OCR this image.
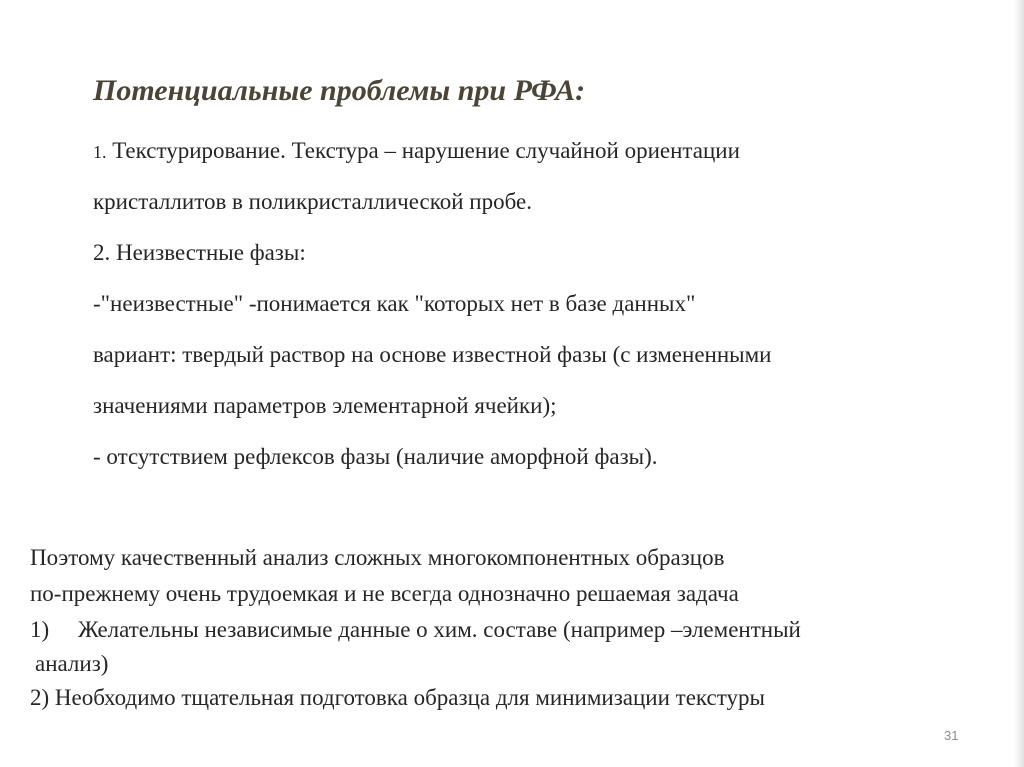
Потенциальные проблемы при РФА:

1. Текстурирование. Текстура – нарушение случайной ориентации

кристаллитов в поликристаллической пробе.

2. Неизвестные фазы:

-"неизвестные" -понимается как "которых нет в базе данных"

вариант: твердый раствор на основе известной фазы (с измененными

значениями параметров элементарной ячейки);

- отсутствием рефлексов фазы (наличие аморфной фазы).

Поэтому качественный анализ сложных многокомпонентных образцов

по-прежнему очень трудоемкая и не всегда однозначно решаемая задача

1) Желательны независимые данные о хим. составе (например –элементный

анализ)

2) Необходимо тщательная подготовка образца для минимизации текстуры

31
